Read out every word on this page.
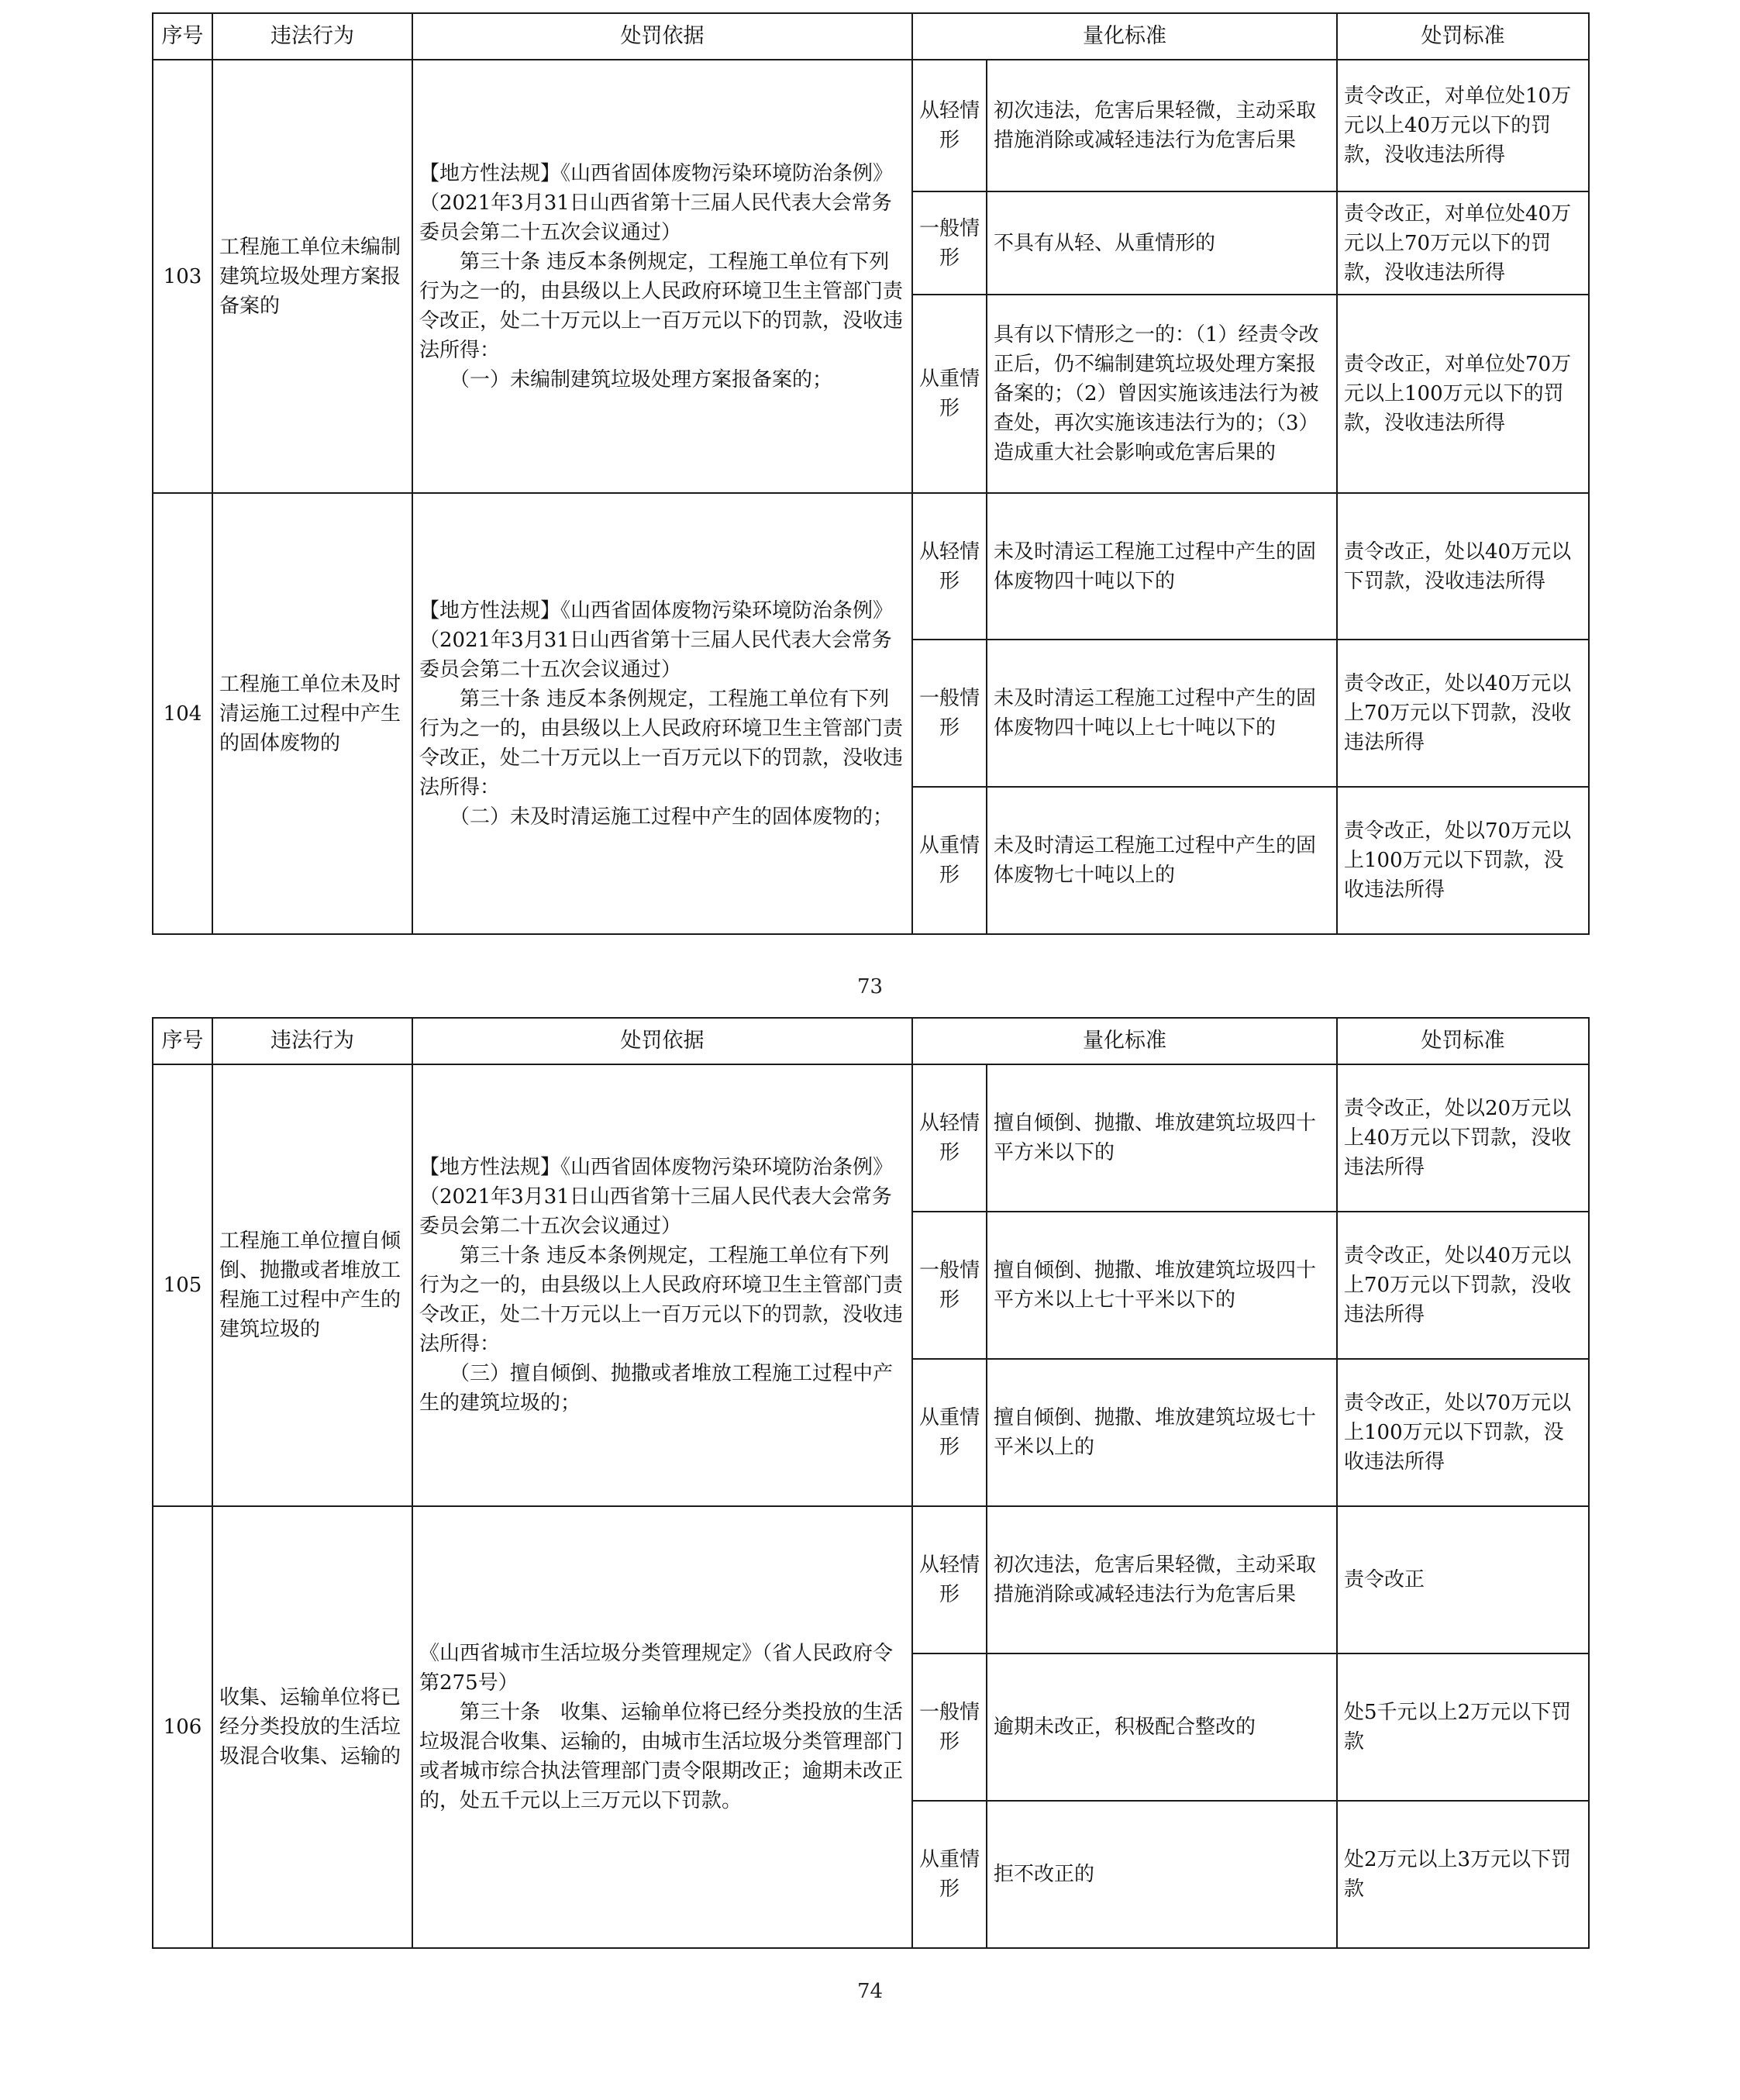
序号	违法行为	处罚依据	量化标准		处罚标准
103	工程施工单位未编制建筑垃圾处理方案报备案的	【地方性法规】《山西省固体废物污染环境防治条例》（2021年3月31日山西省第十三届人民代表大会常务委员会第二十五次会议通过）
　　第三十条 违反本条例规定，工程施工单位有下列行为之一的，由县级以上人民政府环境卫生主管部门责令改正，处二十万元以上一百万元以下的罚款，没收违法所得：
　　（一）未编制建筑垃圾处理方案报备案的；	从轻情形	初次违法，危害后果轻微，主动采取措施消除或减轻违法行为危害后果	责令改正，对单位处10万元以上40万元以下的罚款，没收违法所得
			一般情形	不具有从轻、从重情形的	责令改正，对单位处40万元以上70万元以下的罚款，没收违法所得
			从重情形	具有以下情形之一的：（1）经责令改正后，仍不编制建筑垃圾处理方案报备案的；（2）曾因实施该违法行为被查处，再次实施该违法行为的；（3）造成重大社会影响或危害后果的	责令改正，对单位处70万元以上100万元以下的罚款，没收违法所得
104	工程施工单位未及时清运施工过程中产生的固体废物的	【地方性法规】《山西省固体废物污染环境防治条例》（2021年3月31日山西省第十三届人民代表大会常务委员会第二十五次会议通过）
　　第三十条 违反本条例规定，工程施工单位有下列行为之一的，由县级以上人民政府环境卫生主管部门责令改正，处二十万元以上一百万元以下的罚款，没收违法所得：
　　（二）未及时清运施工过程中产生的固体废物的；	从轻情形	未及时清运工程施工过程中产生的固体废物四十吨以下的	责令改正，处以40万元以下罚款，没收违法所得
			一般情形	未及时清运工程施工过程中产生的固体废物四十吨以上七十吨以下的	责令改正，处以40万元以上70万元以下罚款，没收违法所得
			从重情形	未及时清运工程施工过程中产生的固体废物七十吨以上的	责令改正，处以70万元以上100万元以下罚款，没收违法所得
73
序号	违法行为	处罚依据	量化标准		处罚标准
105	工程施工单位擅自倾倒、抛撒或者堆放工程施工过程中产生的建筑垃圾的	【地方性法规】《山西省固体废物污染环境防治条例》（2021年3月31日山西省第十三届人民代表大会常务委员会第二十五次会议通过）
　　第三十条 违反本条例规定，工程施工单位有下列行为之一的，由县级以上人民政府环境卫生主管部门责令改正，处二十万元以上一百万元以下的罚款，没收违法所得：
　　（三）擅自倾倒、抛撒或者堆放工程施工过程中产生的建筑垃圾的；	从轻情形	擅自倾倒、抛撒、堆放建筑垃圾四十平方米以下的	责令改正，处以20万元以上40万元以下罚款，没收违法所得
			一般情形	擅自倾倒、抛撒、堆放建筑垃圾四十平方米以上七十平米以下的	责令改正，处以40万元以上70万元以下罚款，没收违法所得
			从重情形	擅自倾倒、抛撒、堆放建筑垃圾七十平米以上的	责令改正，处以70万元以上100万元以下罚款，没收违法所得
106	收集、运输单位将已经分类投放的生活垃圾混合收集、运输的	《山西省城市生活垃圾分类管理规定》（省人民政府令第275号）
　　第三十条　收集、运输单位将已经分类投放的生活垃圾混合收集、运输的，由城市生活垃圾分类管理部门或者城市综合执法管理部门责令限期改正；逾期未改正的，处五千元以上三万元以下罚款。	从轻情形	初次违法，危害后果轻微，主动采取措施消除或减轻违法行为危害后果	责令改正
			一般情形	逾期未改正，积极配合整改的	处5千元以上2万元以下罚款
			从重情形	拒不改正的	处2万元以上3万元以下罚款
74
